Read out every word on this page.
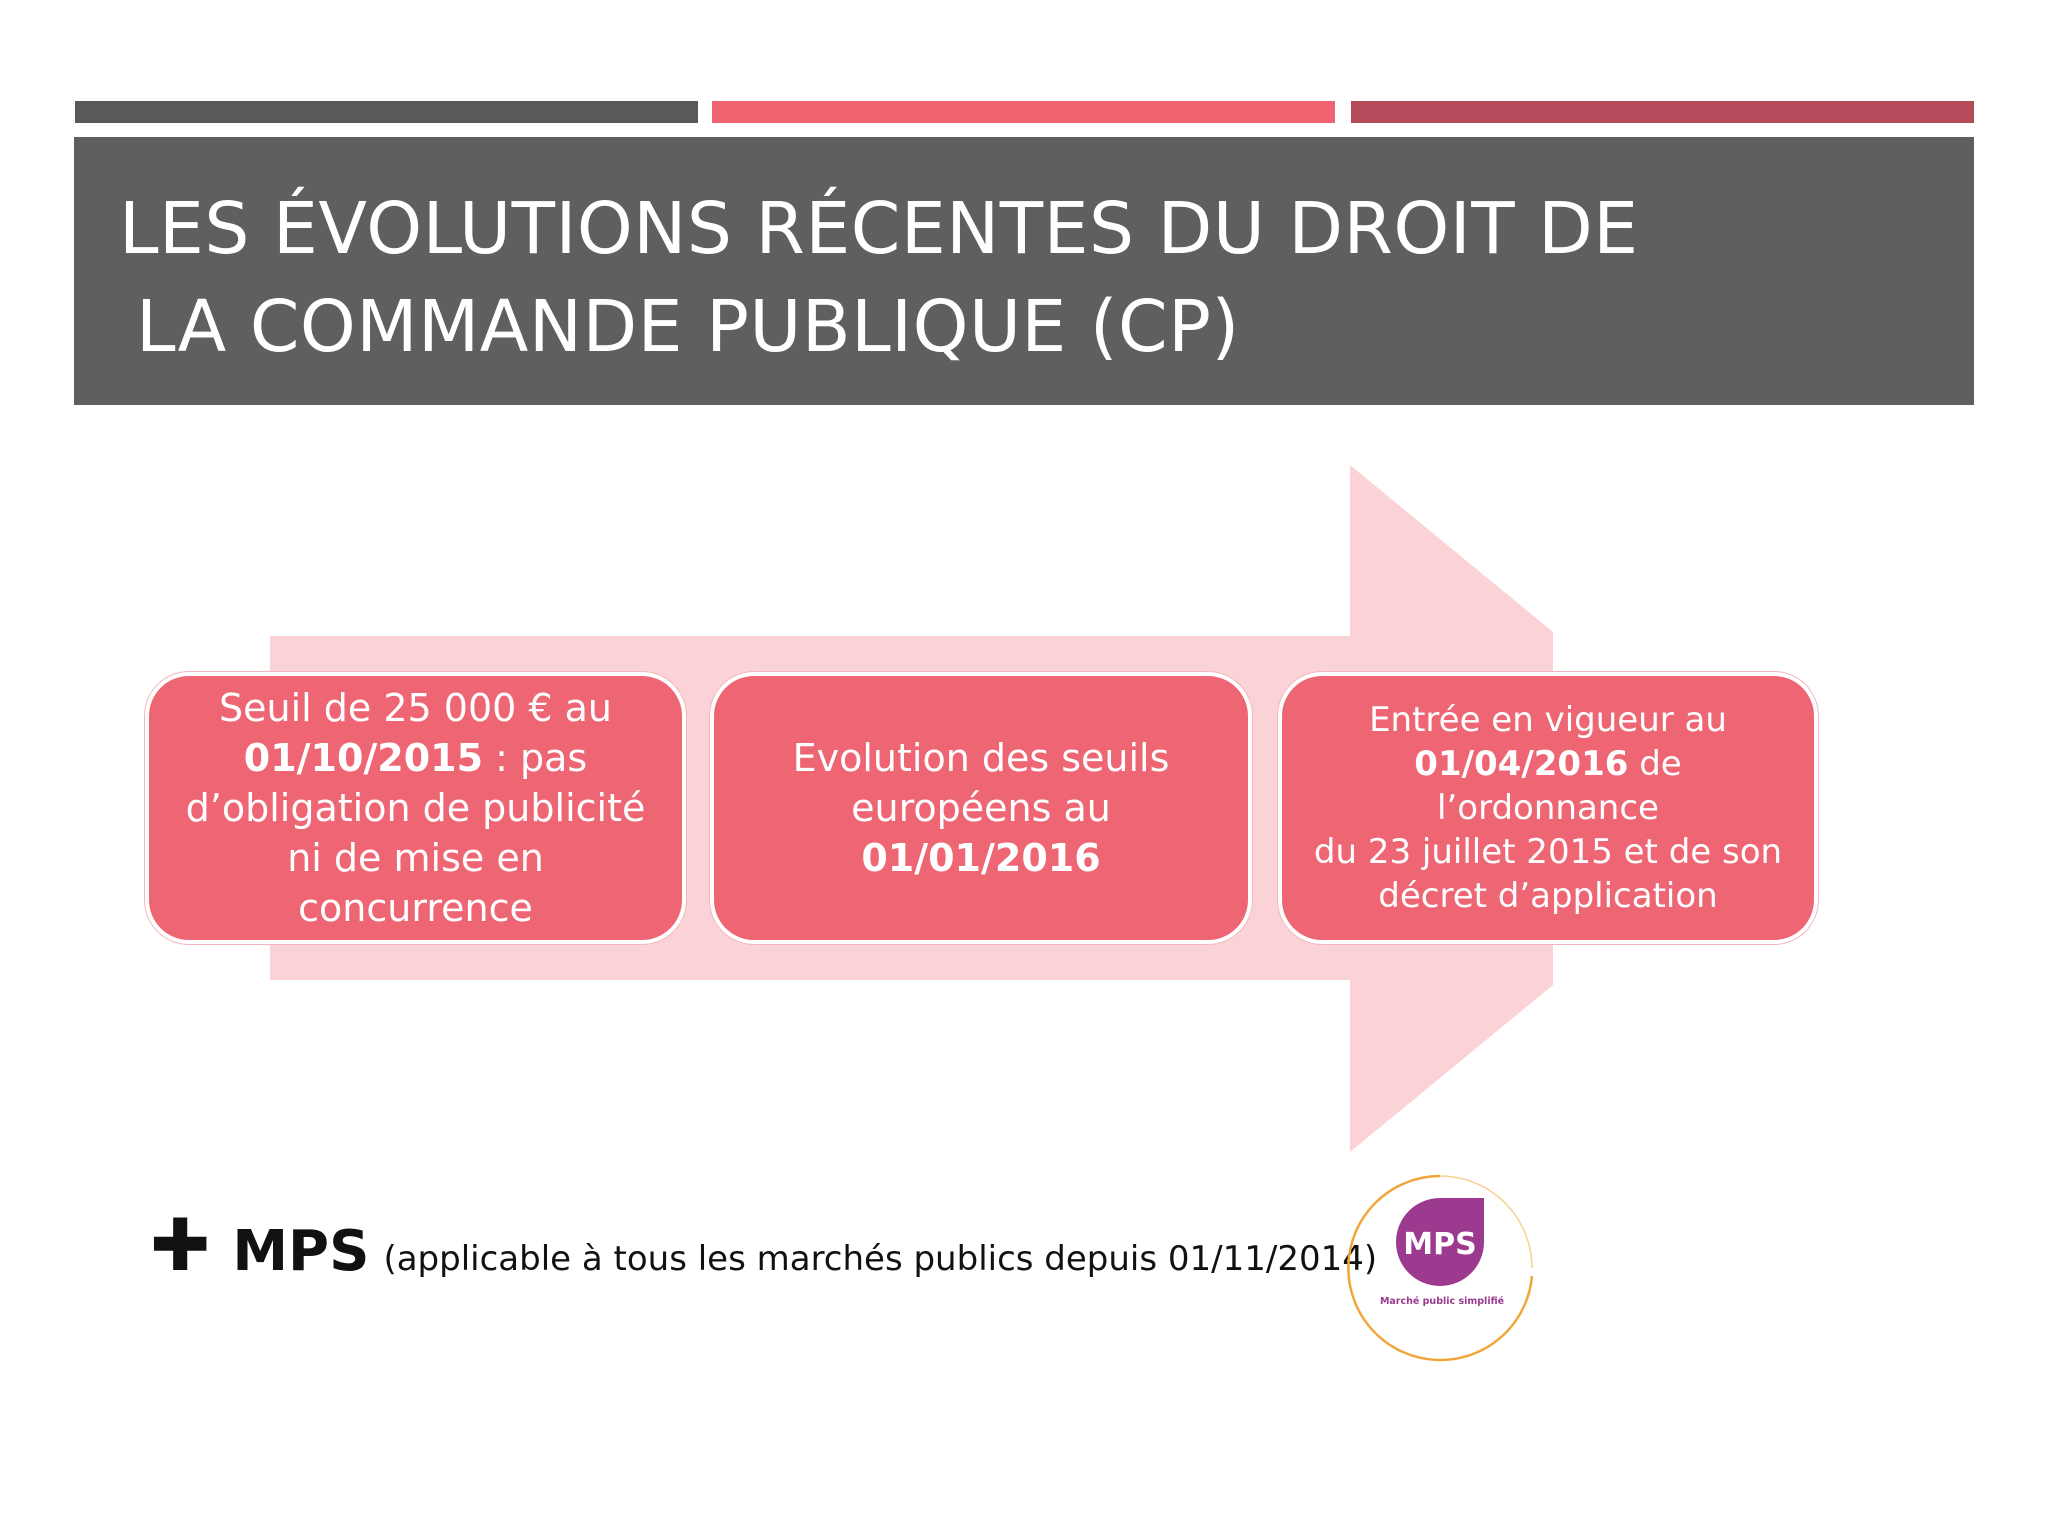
LES ÉVOLUTIONS RÉCENTES DU DROIT DE
LA COMMANDE PUBLIQUE (CP)
Seuil de 25 000 € au
01/10/2015 : pas
d’obligation de publicité
ni de mise en concurrence
Evolution des seuils
européens au 01/01/2016
Entrée en vigueur au
01/04/2016 de l’ordonnance
du 23 juillet 2015 et de son
décret d’application
✚ MPS (applicable à tous les marchés publics depuis 01/11/2014) MPS
Marché public simplifié
